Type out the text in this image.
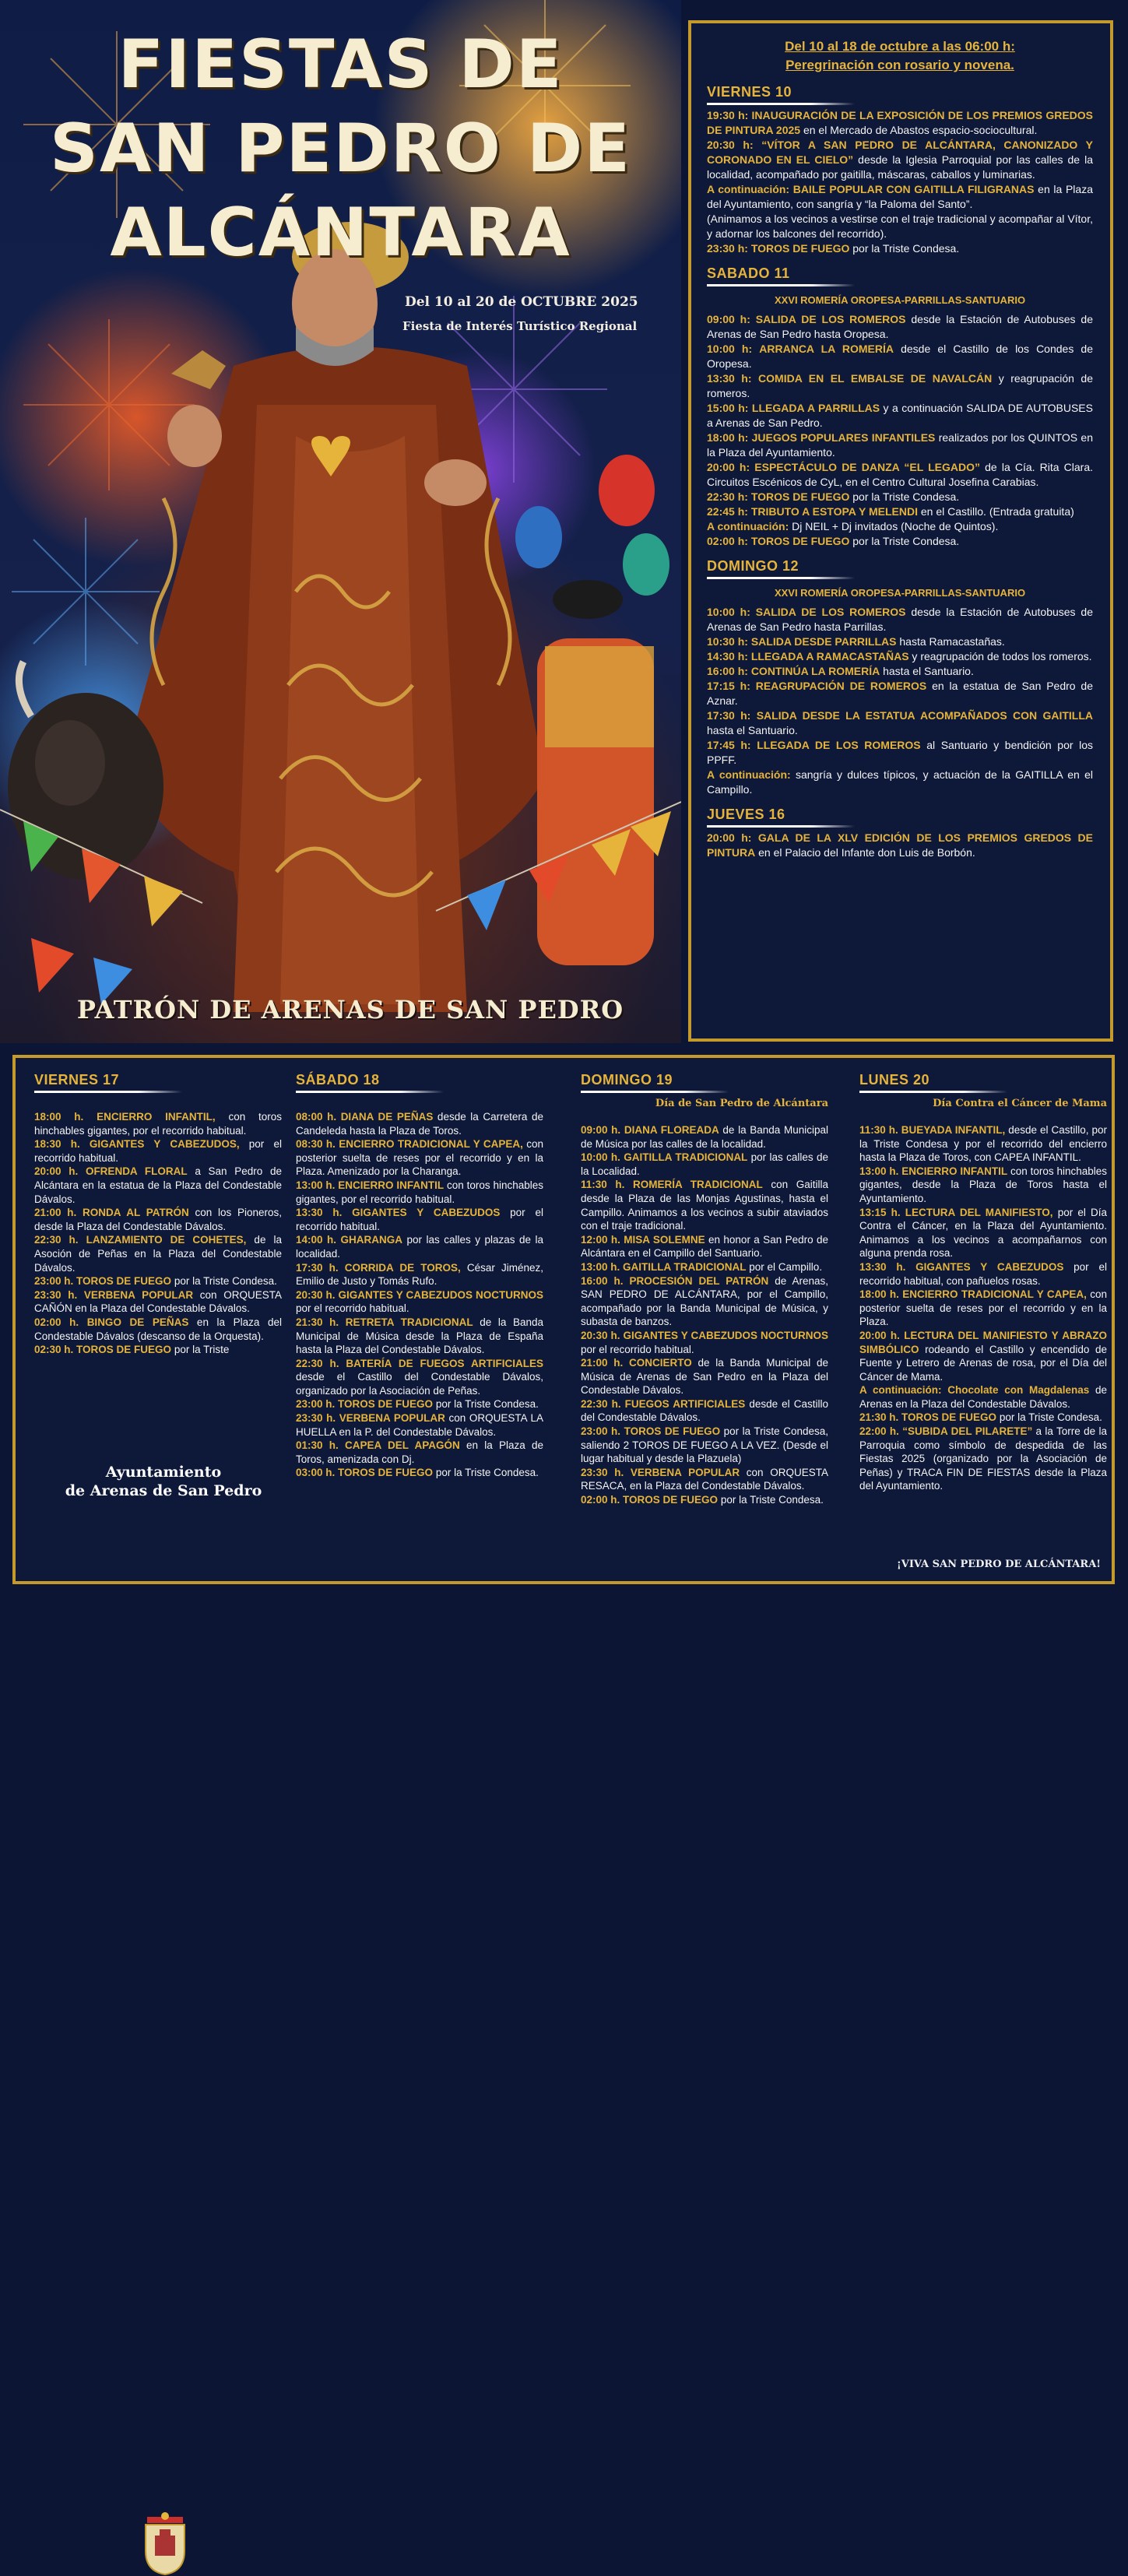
FIESTAS DE
SAN PEDRO DE
ALCÁNTARA
Del 10 al 20 de OCTUBRE 2025
Fiesta de Interés Turístico Regional
PATRÓN DE ARENAS DE SAN PEDRO
Del 10 al 18 de octubre a las 06:00 h:
Peregrinación con rosario y novena.
VIERNES 10

19:30 h: INAUGURACIÓN DE LA EXPOSICIÓN DE LOS PREMIOS GREDOS DE PINTURA 2025 en el Mercado de Abastos espacio-sociocultural.

20:30 h: “VÍTOR A SAN PEDRO DE ALCÁNTARA, CANONIZADO Y CORONADO EN EL CIELO” desde la Iglesia Parroquial por las calles de la localidad, acompañado por gaitilla, máscaras, caballos y luminarias.

A continuación: BAILE POPULAR CON GAITILLA FILIGRANAS en la Plaza del Ayuntamiento, con sangría y “la Paloma del Santo”.

(Animamos a los vecinos a vestirse con el traje tradicional y acompañar al Vítor, y adornar los balcones del recorrido).

23:30 h: TOROS DE FUEGO por la Triste Condesa.

SABADO 11
XXVI ROMERÍA OROPESA-PARRILLAS-SANTUARIO

09:00 h: SALIDA DE LOS ROMEROS desde la Estación de Autobuses de Arenas de San Pedro hasta Oropesa.

10:00 h: ARRANCA LA ROMERÍA desde el Castillo de los Condes de Oropesa.

13:30 h: COMIDA EN EL EMBALSE DE NAVALCÁN y reagrupación de romeros.

15:00 h: LLEGADA A PARRILLAS y a continuación SALIDA DE AUTOBUSES a Arenas de San Pedro.

18:00 h: JUEGOS POPULARES INFANTILES realizados por los QUINTOS en la Plaza del Ayuntamiento.

20:00 h: ESPECTÁCULO DE DANZA “EL LEGADO” de la Cía. Rita Clara. Circuitos Escénicos de CyL, en el Centro Cultural Josefina Carabias.

22:30 h: TOROS DE FUEGO por la Triste Condesa.

22:45 h: TRIBUTO A ESTOPA Y MELENDI en el Castillo. (Entrada gratuita)

A continuación: Dj NEIL + Dj invitados (Noche de Quintos).

02:00 h: TOROS DE FUEGO por la Triste Condesa.

DOMINGO 12
XXVI ROMERÍA OROPESA-PARRILLAS-SANTUARIO

10:00 h: SALIDA DE LOS ROMEROS desde la Estación de Autobuses de Arenas de San Pedro hasta Parrillas.

10:30 h: SALIDA DESDE PARRILLAS hasta Ramacastañas.

14:30 h: LLEGADA A RAMACASTAÑAS y reagrupación de todos los romeros.

16:00 h: CONTINÚA LA ROMERÍA hasta el Santuario.

17:15 h: REAGRUPACIÓN DE ROMEROS en la estatua de San Pedro de Aznar.

17:30 h: SALIDA DESDE LA ESTATUA ACOMPAÑADOS CON GAITILLA hasta el Santuario.

17:45 h: LLEGADA DE LOS ROMEROS al Santuario y bendición por los PPFF.

A continuación: sangría y dulces típicos, y actuación de la GAITILLA en el Campillo.

JUEVES 16

20:00 h: GALA DE LA XLV EDICIÓN DE LOS PREMIOS GREDOS DE PINTURA en el Palacio del Infante don Luis de Borbón.

VIERNES 17

18:00 h. ENCIERRO INFANTIL, con toros hinchables gigantes, por el recorrido habitual.

18:30 h. GIGANTES Y CABEZUDOS, por el recorrido habitual.

20:00 h. OFRENDA FLORAL a San Pedro de Alcántara en la estatua de la Plaza del Condestable Dávalos.

21:00 h. RONDA AL PATRÓN con los Pioneros, desde la Plaza del Condestable Dávalos.

22:30 h. LANZAMIENTO DE COHETES, de la Asoción de Peñas en la Plaza del Condestable Dávalos.

23:00 h. TOROS DE FUEGO por la Triste Condesa.

23:30 h. VERBENA POPULAR con ORQUESTA CAÑÓN en la Plaza del Condestable Dávalos.

02:00 h. BINGO DE PEÑAS en la Plaza del Condestable Dávalos (descanso de la Orquesta).

02:30 h. TOROS DE FUEGO por la Triste

SÁBADO 18

08:00 h. DIANA DE PEÑAS desde la Carretera de Candeleda hasta la Plaza de Toros.

08:30 h. ENCIERRO TRADICIONAL Y CAPEA, con posterior suelta de reses por el recorrido y en la Plaza. Amenizado por la Charanga.

13:00 h. ENCIERRO INFANTIL con toros hinchables gigantes, por el recorrido habitual.

13:30 h. GIGANTES Y CABEZUDOS por el recorrido habitual.

14:00 h. GHARANGA por las calles y plazas de la localidad.

17:30 h. CORRIDA DE TOROS, César Jiménez, Emilio de Justo y Tomás Rufo.

20:30 h. GIGANTES Y CABEZUDOS NOCTURNOS por el recorrido habitual.

21:30 h. RETRETA TRADICIONAL de la Banda Municipal de Música desde la Plaza de España hasta la Plaza del Condestable Dávalos.

22:30 h. BATERÍA DE FUEGOS ARTIFICIALES desde el Castillo del Condestable Dávalos, organizado por la Asociación de Peñas.

23:00 h. TOROS DE FUEGO por la Triste Condesa.

23:30 h. VERBENA POPULAR con ORQUESTA LA HUELLA en la P. del Condestable Dávalos.

01:30 h. CAPEA DEL APAGÓN en la Plaza de Toros, amenizada con Dj.

03:00 h. TOROS DE FUEGO por la Triste Condesa.

DOMINGO 19
Día de San Pedro de Alcántara

09:00 h. DIANA FLOREADA de la Banda Municipal de Música por las calles de la localidad.

10:00 h. GAITILLA TRADICIONAL por las calles de la Localidad.

11:30 h. ROMERÍA TRADICIONAL con Gaitilla desde la Plaza de las Monjas Agustinas, hasta el Campillo. Animamos a los vecinos a subir ataviados con el traje tradicional.

12:00 h. MISA SOLEMNE en honor a San Pedro de Alcántara en el Campillo del Santuario.

13:00 h. GAITILLA TRADICIONAL por el Campillo.

16:00 h. PROCESIÓN DEL PATRÓN de Arenas, SAN PEDRO DE ALCÁNTARA, por el Campillo, acompañado por la Banda Municipal de Música, y subasta de banzos.

20:30 h. GIGANTES Y CABEZUDOS NOCTURNOS por el recorrido habitual.

21:00 h. CONCIERTO de la Banda Municipal de Música de Arenas de San Pedro en la Plaza del Condestable Dávalos.

22:30 h. FUEGOS ARTIFICIALES desde el Castillo del Condestable Dávalos.

23:00 h. TOROS DE FUEGO por la Triste Condesa, saliendo 2 TOROS DE FUEGO A LA VEZ. (Desde el lugar habitual y desde la Plazuela)

23:30 h. VERBENA POPULAR con ORQUESTA RESACA, en la Plaza del Condestable Dávalos.

02:00 h. TOROS DE FUEGO por la Triste Condesa.

LUNES 20
Día Contra el Cáncer de Mama

11:30 h. BUEYADA INFANTIL, desde el Castillo, por la Triste Condesa y por el recorrido del encierro hasta la Plaza de Toros, con CAPEA INFANTIL.

13:00 h. ENCIERRO INFANTIL con toros hinchables gigantes, desde la Plaza de Toros hasta el Ayuntamiento.

13:15 h. LECTURA DEL MANIFIESTO, por el Día Contra el Cáncer, en la Plaza del Ayuntamiento. Animamos a los vecinos a acompañarnos con alguna prenda rosa.

13:30 h. GIGANTES Y CABEZUDOS por el recorrido habitual, con pañuelos rosas.

18:00 h. ENCIERRO TRADICIONAL Y CAPEA, con posterior suelta de reses por el recorrido y en la Plaza.

20:00 h. LECTURA DEL MANIFIESTO Y ABRAZO SIMBÓLICO rodeando el Castillo y encendido de Fuente y Letrero de Arenas de rosa, por el Día del Cáncer de Mama.

A continuación: Chocolate con Magdalenas de Arenas en la Plaza del Condestable Dávalos.

21:30 h. TOROS DE FUEGO por la Triste Condesa.

22:00 h. “SUBIDA DEL PILARETE” a la Torre de la Parroquia como símbolo de despedida de las Fiestas 2025 (organizado por la Asociación de Peñas) y TRACA FIN DE FIESTAS desde la Plaza del Ayuntamiento.

Ayuntamiento
de Arenas de San Pedro
¡VIVA SAN PEDRO DE ALCÁNTARA!
